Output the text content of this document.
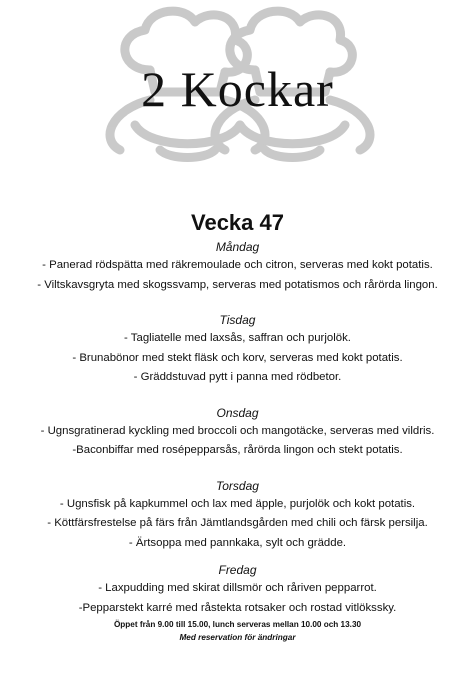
2 Kockar
Vecka 47
Måndag
- Panerad rödspätta med räkremoulade och citron, serveras med kokt potatis.
- Viltskavsgryta med skogssvamp, serveras med potatismos och rårörda lingon.
Tisdag
- Tagliatelle med laxsås, saffran och purjolök.
- Brunabönor med stekt fläsk och korv, serveras med kokt potatis.
- Gräddstuvad pytt i panna med rödbetor.
Onsdag
- Ugnsgratinerad kyckling med broccoli och mangotäcke, serveras med vildris.
-Baconbiffar med rosépepparsås, rårörda lingon och stekt potatis.
Torsdag
- Ugnsfisk på kapkummel och lax med äpple, purjolök och kokt potatis.
- Köttfärsfrestelse på färs från Jämtlandsgården med chili och färsk persilja.
- Ärtsoppa med pannkaka, sylt och grädde.
Fredag
- Laxpudding med skirat dillsmör och råriven pepparrot.
-Pepparstekt karré med råstekta rotsaker och rostad vitlökssky.
Öppet från 9.00 till 15.00, lunch serveras mellan 10.00 och 13.30
Med reservation för ändringar
